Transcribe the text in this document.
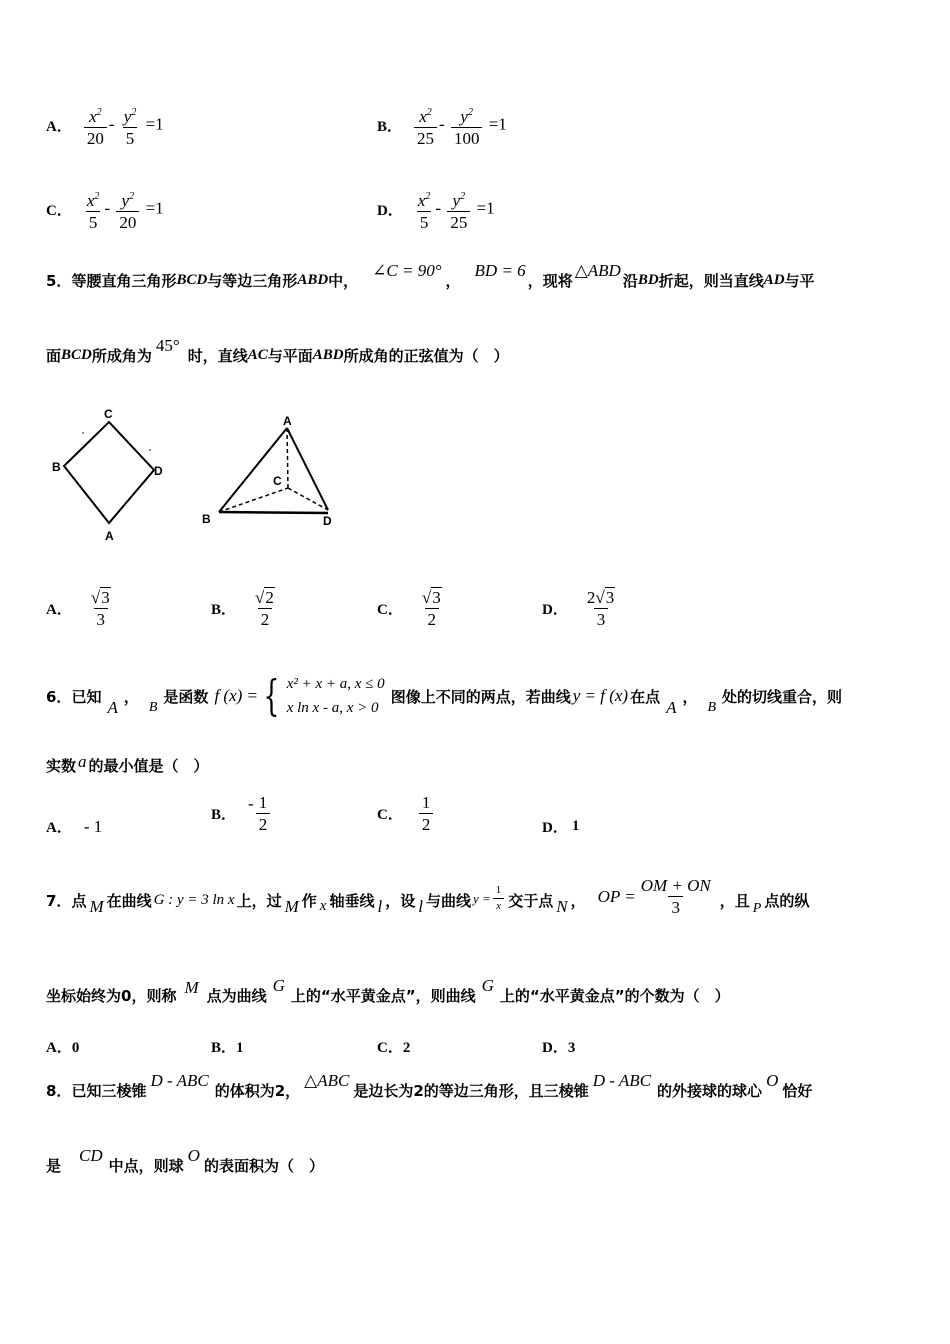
A． $\frac{x^2}{20} - \frac{y^2}{5} =1$	B． $\frac{x^2}{25} - \frac{y^2}{100} =1$
C． $\frac{x^2}{5} - \frac{y^2}{20} =1$	D． $\frac{x^2}{5} - \frac{y^2}{25} =1$
5． 等腰直角三角形 BCD 与等边三角形 ABD 中，
∠C = 90°
，
BD = 6
，现将
△ABD
沿 BD 折起，则当直线 AD 与平
面 BCD 所成角为
45°
时，直线 AC 与平面 ABD 所成角的正弦值为（　）
C
B	D
A
A
C
B	D
A． $\frac{√3}{3}$	B． $\frac{√2}{2}$	C． $\frac{√3}{2}$	D． $\frac{2√3}{3}$
6． 已知
A
，
B
是函数 f (x) = { x² + x + a, x ≤ 0
x ln x - a, x > 0
图像上不同的两点，若曲线 y = f (x) 在点
A
，
B
处的切线重合，则
实数 a 的最小值是（　）
A． - 1
B．
- $\frac{1}{2}$	C． $\frac{1}{2}$	D． 1
7． 点 M 在曲线 G : y = 3 ln x 上，过 M 作 x 轴垂线 l ，设 l 与曲线 $y = \frac{1}{x}$ 交于点 N ， OP = $\frac{OM + ON}{3}$ ，且 P 点的纵
坐标始终为0，则称 M 点为曲线
G
上的“水平黄金点”，则曲线
G
上的“水平黄金点”的个数为（　）
A．0	B．1	C．2	D．3
8． 已知三棱锥
D - ABC
的体积为2，
△ABC
是边长为2的等边三角形，且三棱锥
D - ABC
的外接球的球心
O
恰好
是
CD
中点，则球
O
的表面积为（　）
